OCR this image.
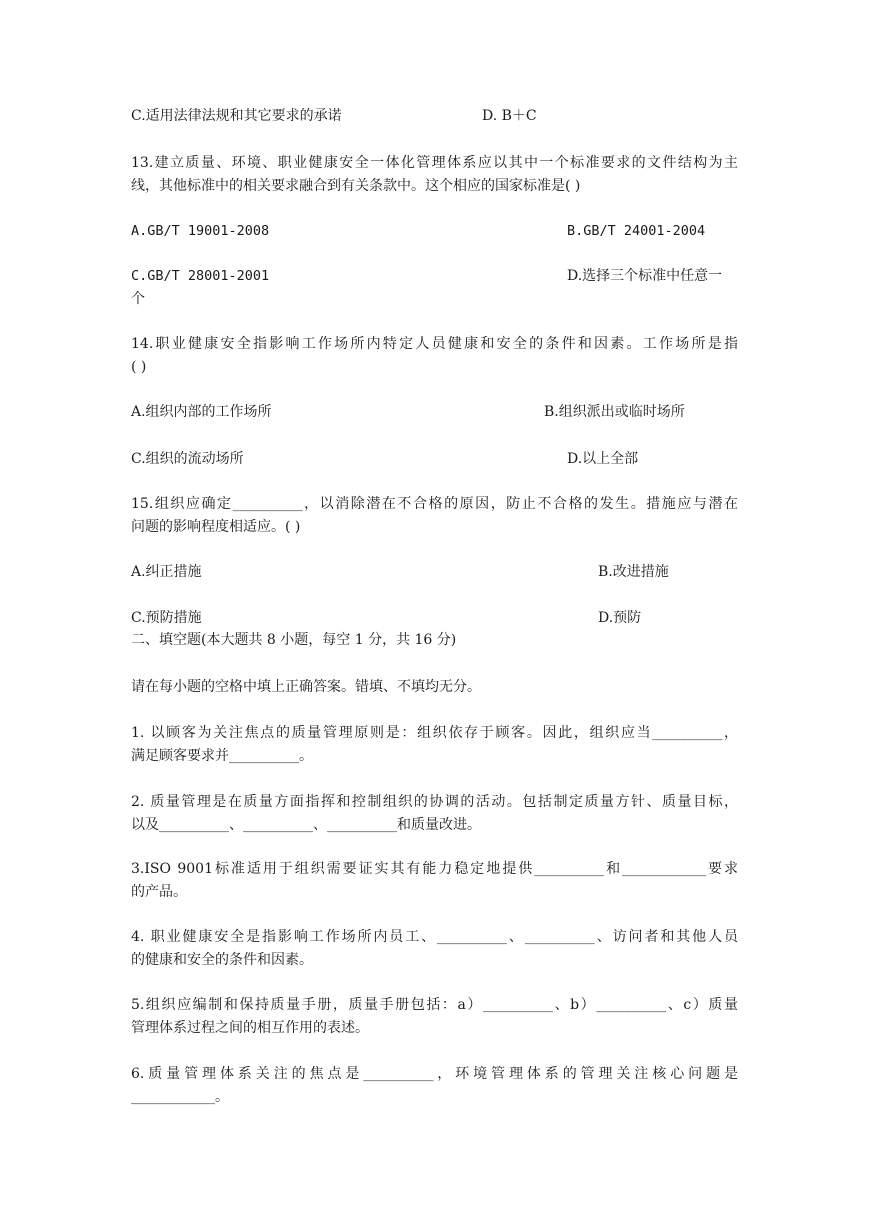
C.适用法律法规和其它要求的承诺	D. B＋C
13.建立质量、环境、职业健康安全一体化管理体系应以其中一个标准要求的文件结构为主
线，其他标准中的相关要求融合到有关条款中。这个相应的国家标准是( )
A.GB/T 19001-2008	B.GB/T 24001-2004
C.GB/T 28001-2001	D.选择三个标准中任意一
个
14.职业健康安全指影响工作场所内特定人员健康和安全的条件和因素。工作场所是指
( )
A.组织内部的工作场所	B.组织派出或临时场所
C.组织的流动场所	D.以上全部
15.组织应确定__________，以消除潜在不合格的原因，防止不合格的发生。措施应与潜在
问题的影响程度相适应。( )
A.纠正措施	B.改进措施
C.预防措施	D.预防
二、填空题(本大题共 8 小题，每空 1 分，共 16 分)
请在每小题的空格中填上正确答案。错填、不填均无分。
1. 以顾客为关注焦点的质量管理原则是：组织依存于顾客。因此，组织应当__________，
满足顾客要求并__________。
2. 质量管理是在质量方面指挥和控制组织的协调的活动。包括制定质量方针、质量目标，
以及__________、__________、__________和质量改进。
3.ISO 9001标准适用于组织需要证实其有能力稳定地提供__________和____________要求
的产品。
4. 职业健康安全是指影响工作场所内员工、__________、__________、访问者和其他人员
的健康和安全的条件和因素。
5.组织应编制和保持质量手册，质量手册包括：a）__________、b）__________、c）质量
管理体系过程之间的相互作用的表述。
6.质量管理体系关注的焦点是__________，环境管理体系的管理关注核心问题是
____________。
